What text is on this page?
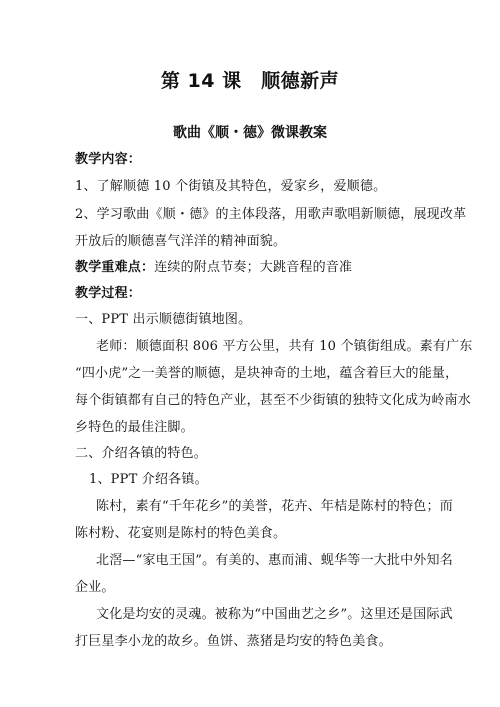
第 14 课　顺德新声
歌曲《顺・德》微课教案
教学内容：
1、了解顺德 10 个街镇及其特色，爱家乡，爱顺德。
2、学习歌曲《顺・德》的主体段落，用歌声歌唱新顺德，展现改革
开放后的顺德喜气洋洋的精神面貌。
教学重难点：连续的附点节奏；大跳音程的音准
教学过程：
一、PPT 出示顺德街镇地图。
老师：顺德面积 806 平方公里，共有 10 个镇街组成。素有广东
“四小虎”之一美誉的顺德，是块神奇的土地，蕴含着巨大的能量，
每个街镇都有自己的特色产业，甚至不少街镇的独特文化成为岭南水
乡特色的最佳注脚。
二、介绍各镇的特色。
1、PPT 介绍各镇。
陈村，素有“千年花乡”的美誉，花卉、年桔是陈村的特色；而
陈村粉、花宴则是陈村的特色美食。
北滘—“家电王国”。有美的、惠而浦、蚬华等一大批中外知名
企业。
文化是均安的灵魂。被称为“中国曲艺之乡”。这里还是国际武
打巨星李小龙的故乡。鱼饼、蒸猪是均安的特色美食。
